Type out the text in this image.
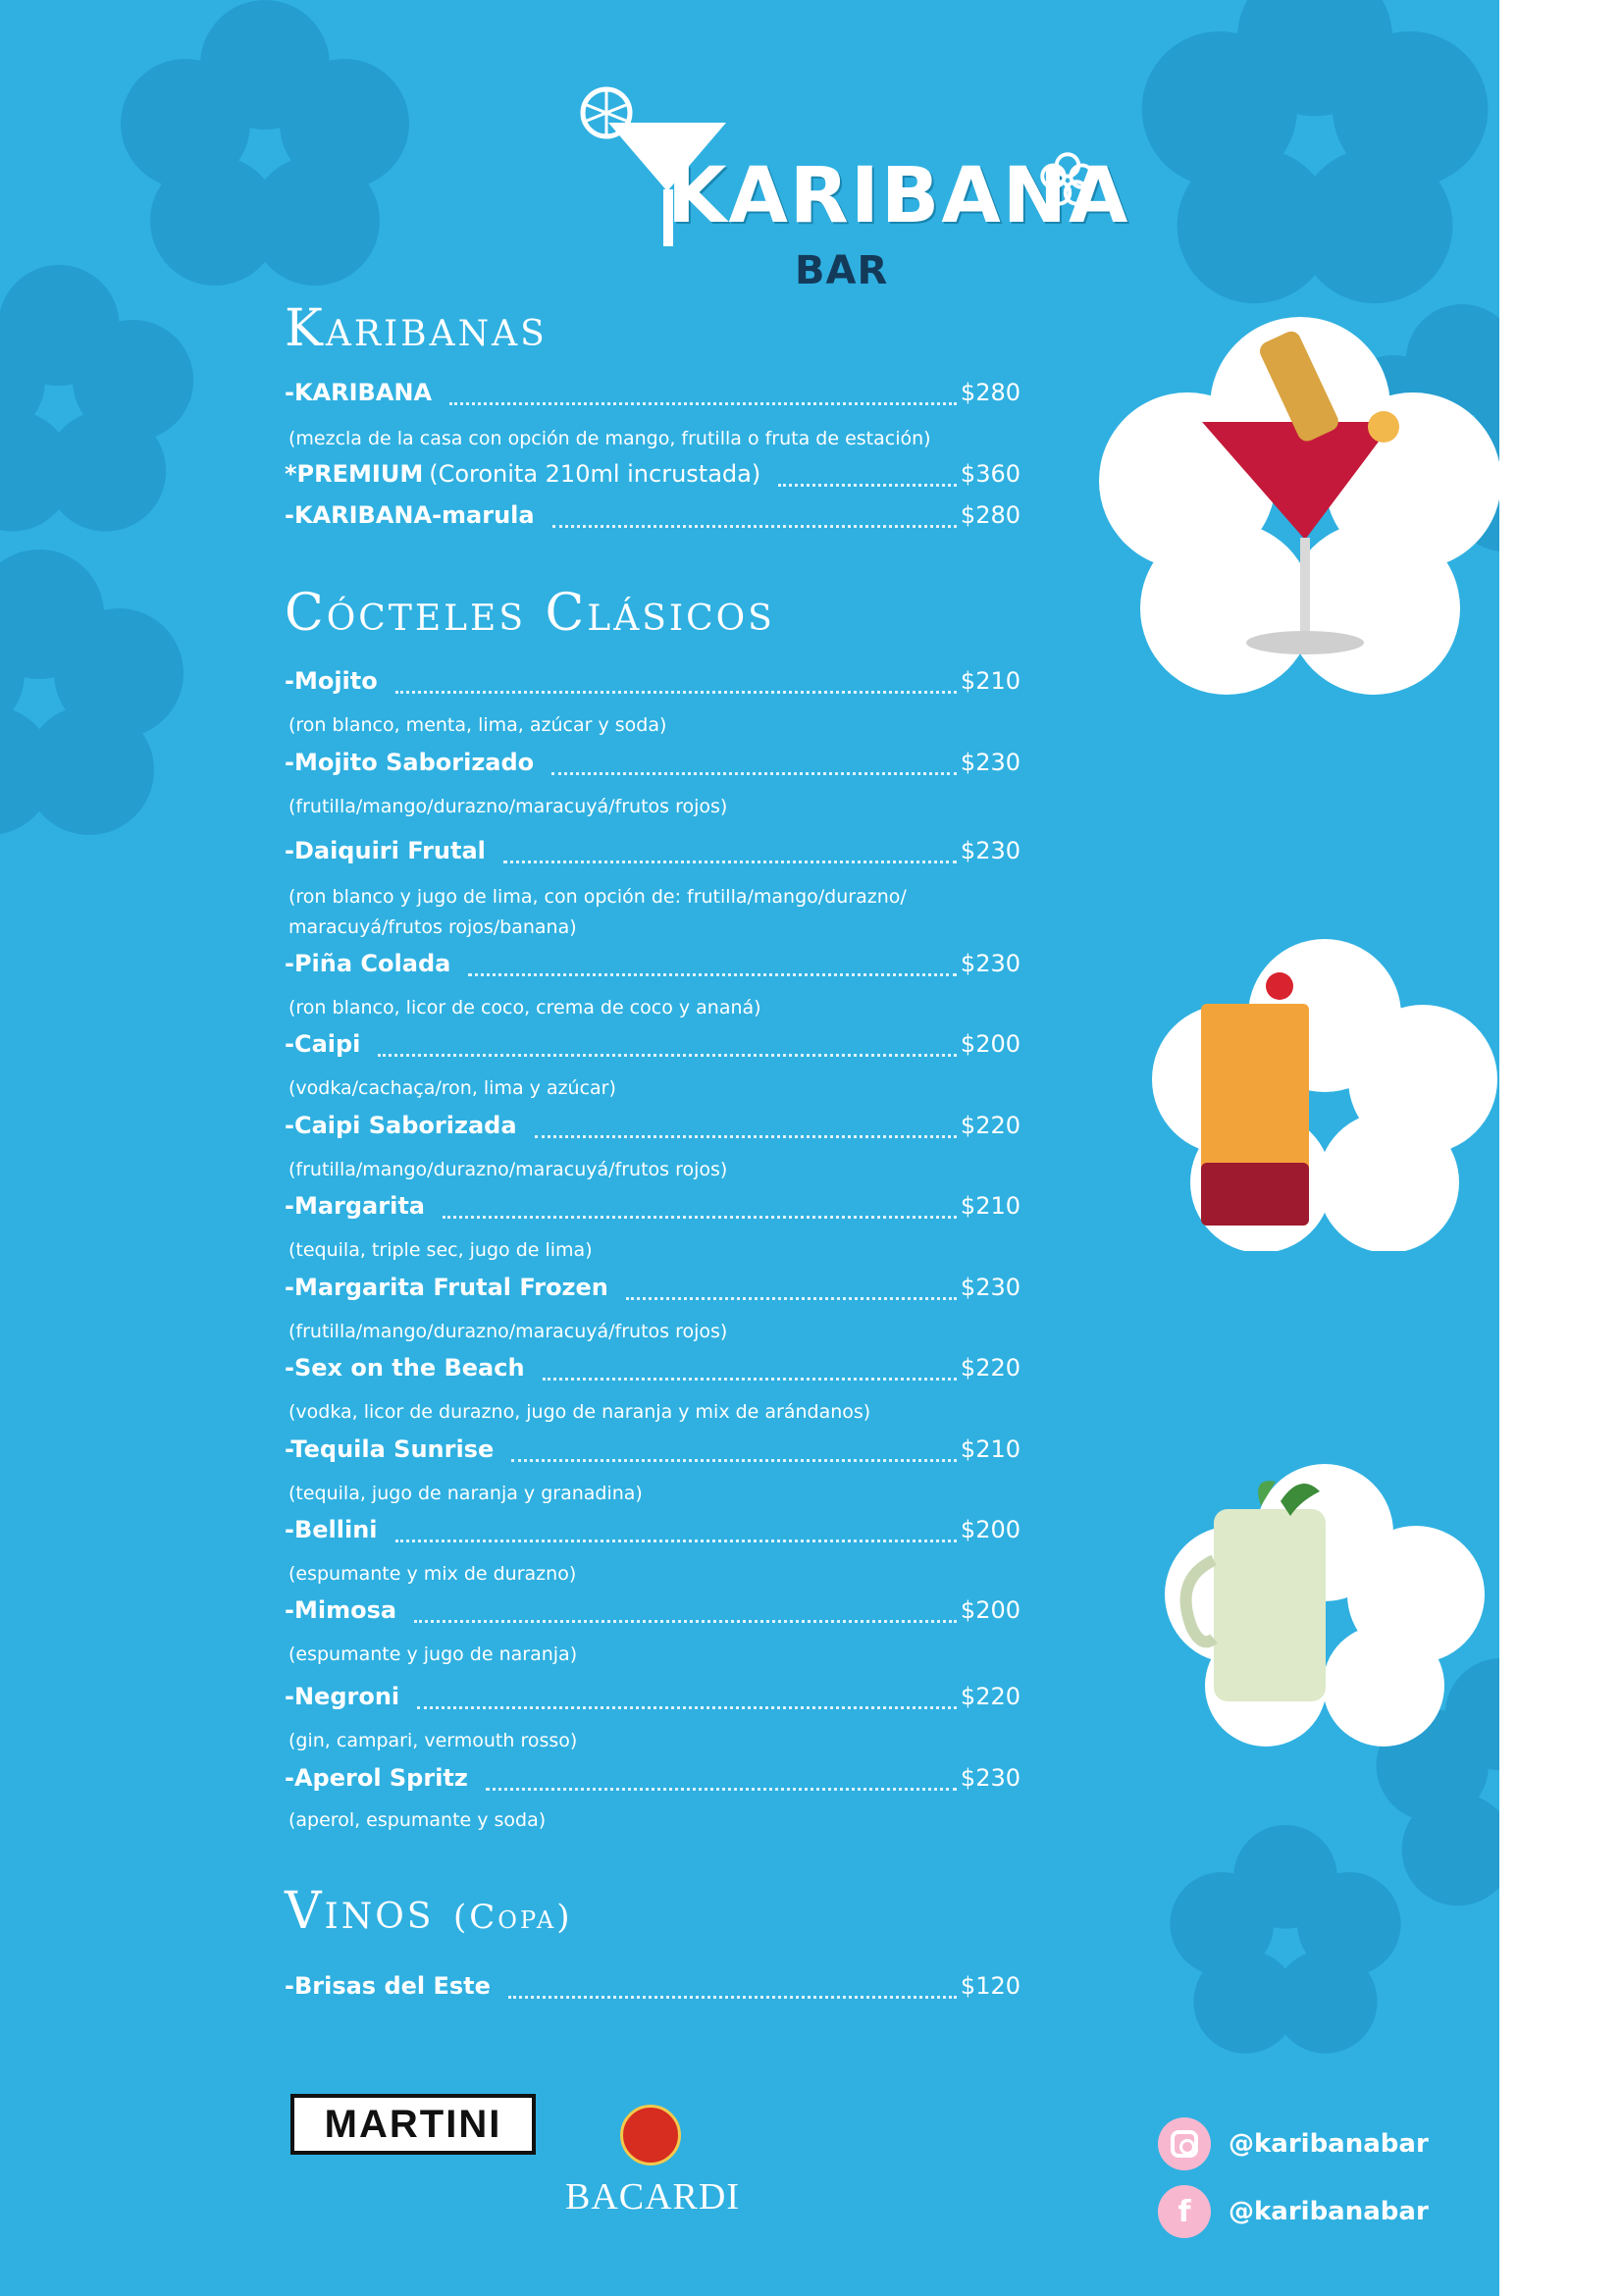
KARIBANA
BAR
Karibanas
-KARIBANA	$280
(mezcla de la casa con opción de mango, frutilla o fruta de estación)
*PREMIUM (Coronita 210ml incrustada)	$360
-KARIBANA-marula	$280
Cócteles Clásicos
-Mojito	$210
(ron blanco, menta, lima, azúcar y soda)
-Mojito Saborizado	$230
(frutilla/mango/durazno/maracuyá/frutos rojos)
-Daiquiri Frutal	$230
(ron blanco y jugo de lima, con opción de: frutilla/mango/durazno/
maracuyá/frutos rojos/banana)
-Piña Colada	$230
(ron blanco, licor de coco, crema de coco y ananá)
-Caipi	$200
(vodka/cachaça/ron, lima y azúcar)
-Caipi Saborizada	$220
(frutilla/mango/durazno/maracuyá/frutos rojos)
-Margarita	$210
(tequila, triple sec, jugo de lima)
-Margarita Frutal Frozen	$230
(frutilla/mango/durazno/maracuyá/frutos rojos)
-Sex on the Beach	$220
(vodka, licor de durazno, jugo de naranja y mix de arándanos)
-Tequila Sunrise	$210
(tequila, jugo de naranja y granadina)
-Bellini	$200
(espumante y mix de durazno)
-Mimosa	$200
(espumante y jugo de naranja)
-Negroni	$220
(gin, campari, vermouth rosso)
-Aperol Spritz	$230
(aperol, espumante y soda)
Vinos (Copa)
-Brisas del Este	$120
MARTINI
BACARDI
@karibanabar
f	@karibanabar
